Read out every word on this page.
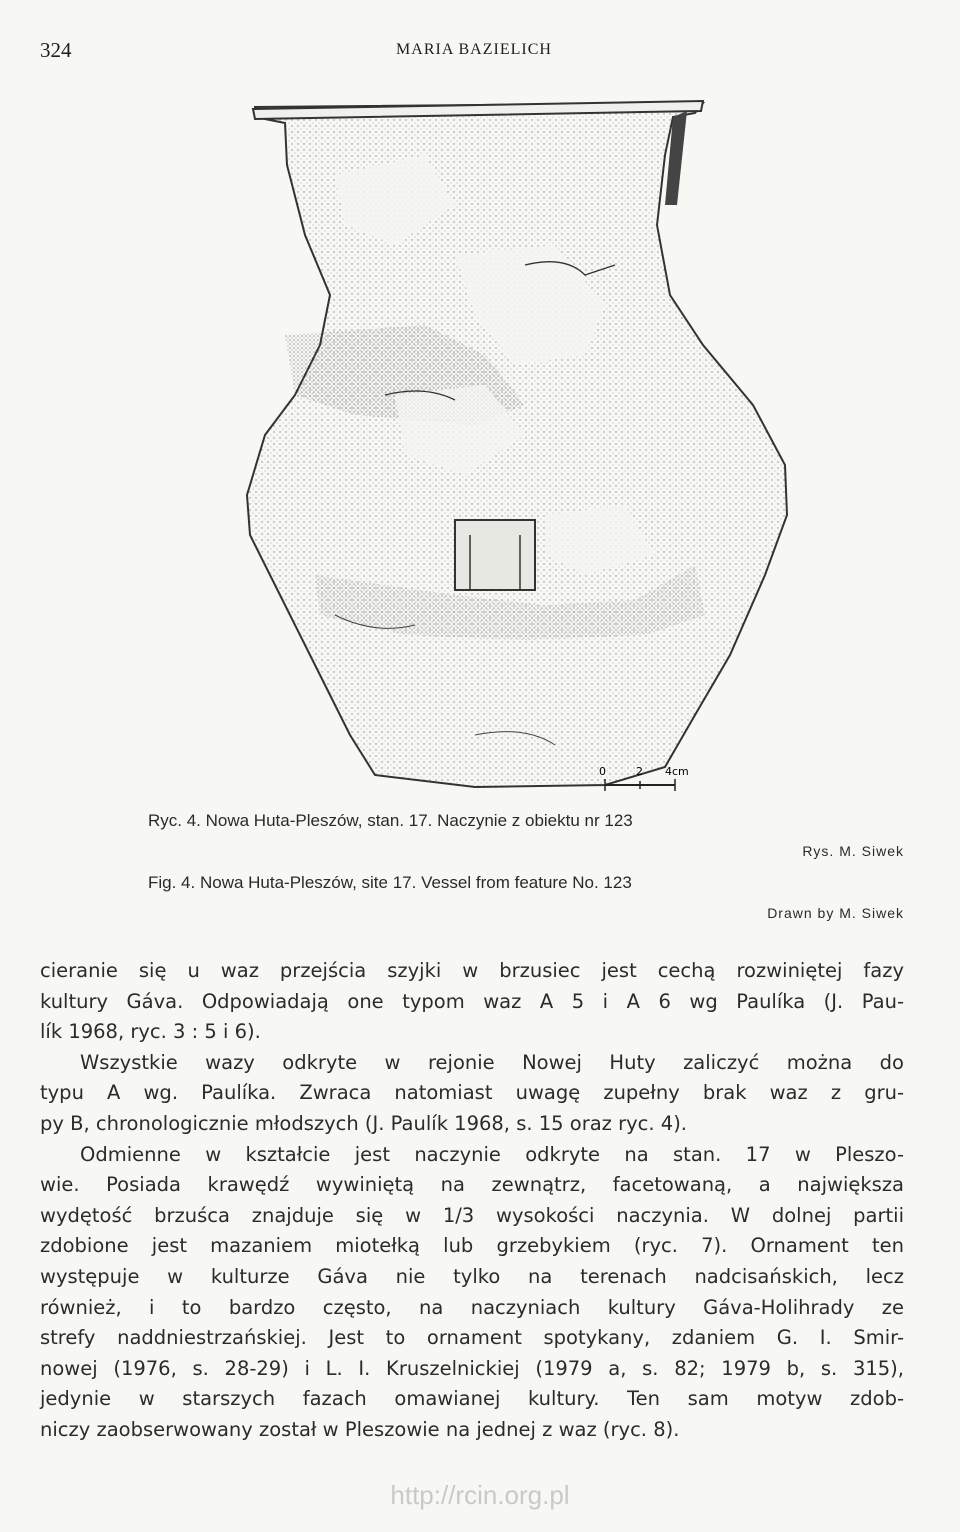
324	MARIA BAZIELICH
0	2 4cm
Ryc. 4. Nowa Huta-Pleszów, stan. 17. Naczynie z obiektu nr 123
Rys. M. Siwek
Fig. 4. Nowa Huta-Pleszów, site 17. Vessel from feature No. 123
Drawn by M. Siwek
cieranie się u waz przejścia szyjki w brzusiec jest cechą rozwiniętej fazy
kultury Gáva. Odpowiadają one typom waz A 5 i A 6 wg Paulíka (J. Pau-
lík 1968, ryc. 3 : 5 i 6).
Wszystkie wazy odkryte w rejonie Nowej Huty zaliczyć można do
typu A wg. Paulíka. Zwraca natomiast uwagę zupełny brak waz z gru-
py B, chronologicznie młodszych (J. Paulík 1968, s. 15 oraz ryc. 4).
Odmienne w kształcie jest naczynie odkryte na stan. 17 w Pleszo-
wie. Posiada krawędź wywiniętą na zewnątrz, facetowaną, a największa
wydętość brzuśca znajduje się w 1/3 wysokości naczynia. W dolnej partii
zdobione jest mazaniem miotełką lub grzebykiem (ryc. 7). Ornament ten
występuje w kulturze Gáva nie tylko na terenach nadcisańskich, lecz
również, i to bardzo często, na naczyniach kultury Gáva-Holihrady ze
strefy naddniestrzańskiej. Jest to ornament spotykany, zdaniem G. I. Smir-
nowej (1976, s. 28-29) i L. I. Kruszelnickiej (1979 a, s. 82; 1979 b, s. 315),
jedynie w starszych fazach omawianej kultury. Ten sam motyw zdob-
niczy zaobserwowany został w Pleszowie na jednej z waz (ryc. 8).
http://rcin.org.pl
